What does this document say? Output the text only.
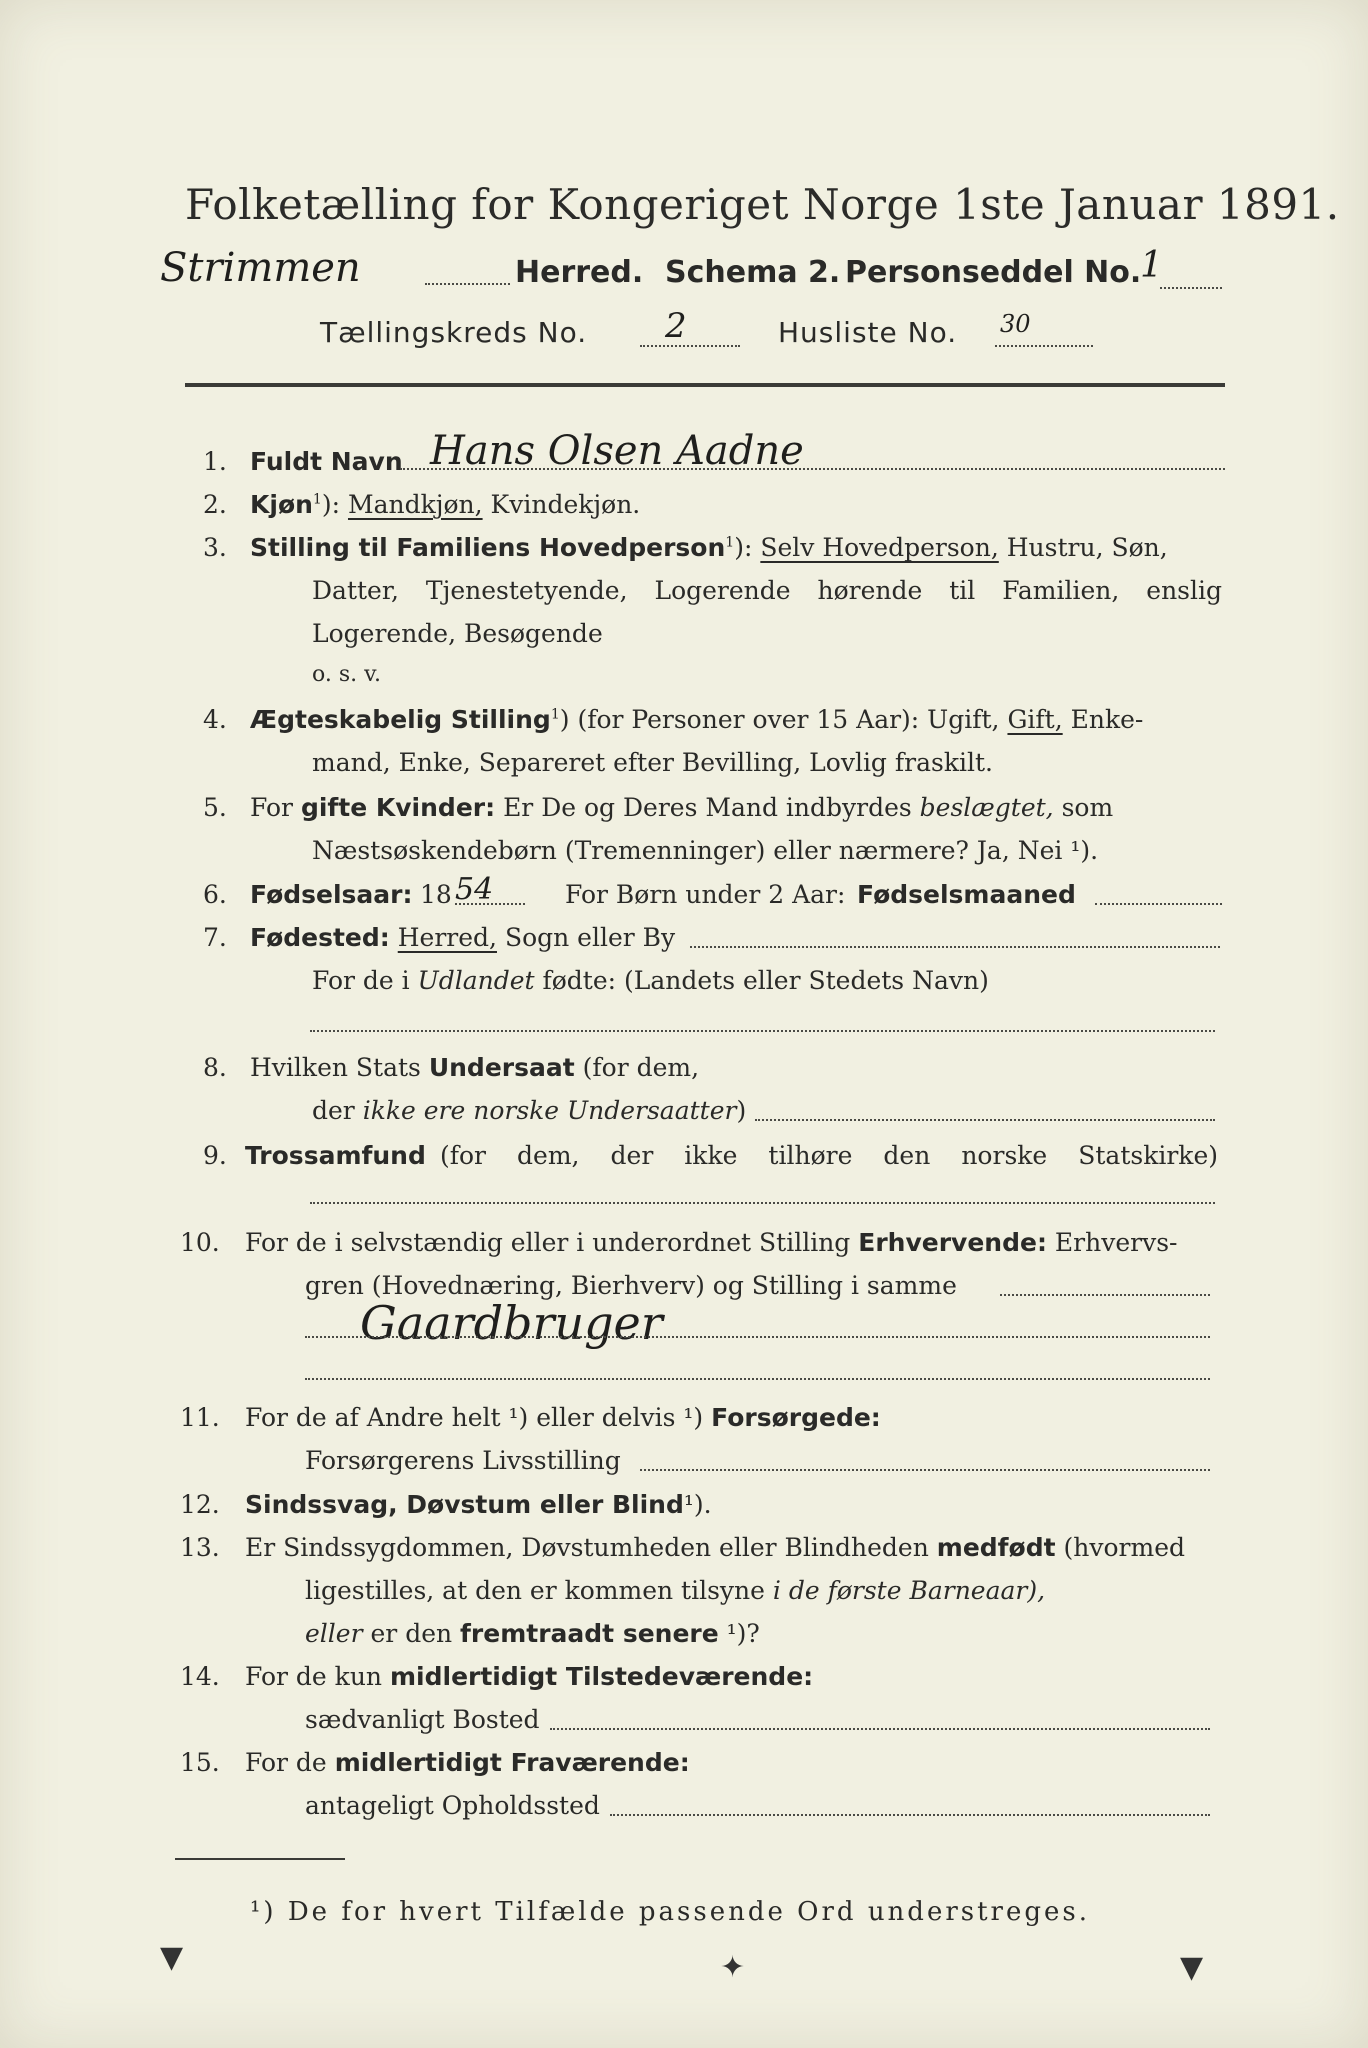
Folketælling for Kongeriget Norge 1ste Januar 1891.
Strimmen	Herred. Schema 2. Personseddel No.
1
Tællingskreds No. 2	Husliste No. 30
1. Fuldt Navn Hans Olsen Aadne
2. Kjøn$^1$): Mandkjøn, Kvindekjøn.
3. Stilling til Familiens Hovedperson$^1$): Selv Hovedperson, Hustru, Søn,
Datter, Tjenestetyende, Logerende hørende til Familien, enslig
Logerende, Besøgende
o. s. v.
4. Ægteskabelig Stilling$^1$) (for Personer over 15 Aar): Ugift, Gift, Enke-
mand, Enke, Separeret efter Bevilling, Lovlig fraskilt.
5. For gifte Kvinder: Er De og Deres Mand indbyrdes beslægtet, som
Næstsøskendebørn (Tremenninger) eller nærmere? Ja, Nei ¹).
6. Fødselsaar: 18 54	For Børn under 2 Aar: Fødselsmaaned
7. Fødested: Herred, Sogn eller By
For de i Udlandet fødte: (Landets eller Stedets Navn)
8. Hvilken Stats Undersaat (for dem,
der ikke ere norske Undersaatter)
9. Trossamfund (for dem, der ikke tilhøre den norske Statskirke)
10. For de i selvstændig eller i underordnet Stilling Erhvervende: Erhvervs-
gren (Hovednæring, Bierhverv) og Stilling i samme
Gaardbruger
11. For de af Andre helt ¹) eller delvis ¹) Forsørgede:
Forsørgerens Livsstilling
12. Sindssvag, Døvstum eller Blind¹).
13. Er Sindssygdommen, Døvstumheden eller Blindheden medfødt (hvormed
ligestilles, at den er kommen tilsyne i de første Barneaar),
eller er den fremtraadt senere ¹)?
14. For de kun midlertidigt Tilstedeværende:
sædvanligt Bosted
15. For de midlertidigt Fraværende:
antageligt Opholdssted
¹) De for hvert Tilfælde passende Ord understreges.
▼	✦	▼
